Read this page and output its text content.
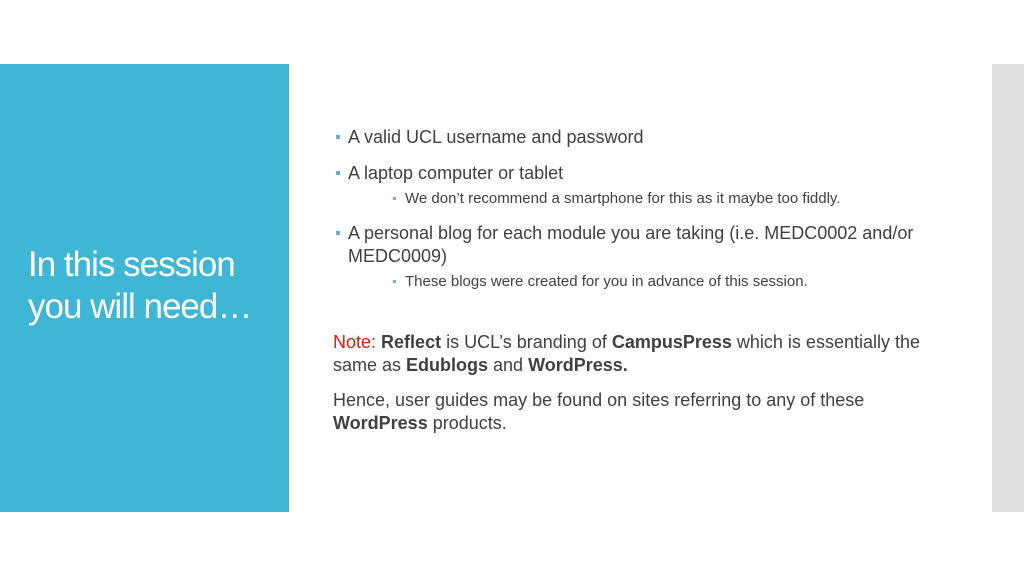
In this session you will need…
A valid UCL username and password
A laptop computer or tablet
We don’t recommend a smartphone for this as it maybe too fiddly.
A personal blog for each module you are taking (i.e. MEDC0002 and/or MEDC0009)
These blogs were created for you in advance of this session.

Note: Reflect is UCL’s branding of CampusPress which is essentially the same as Edublogs and WordPress.

Hence, user guides may be found on sites referring to any of these WordPress products.
